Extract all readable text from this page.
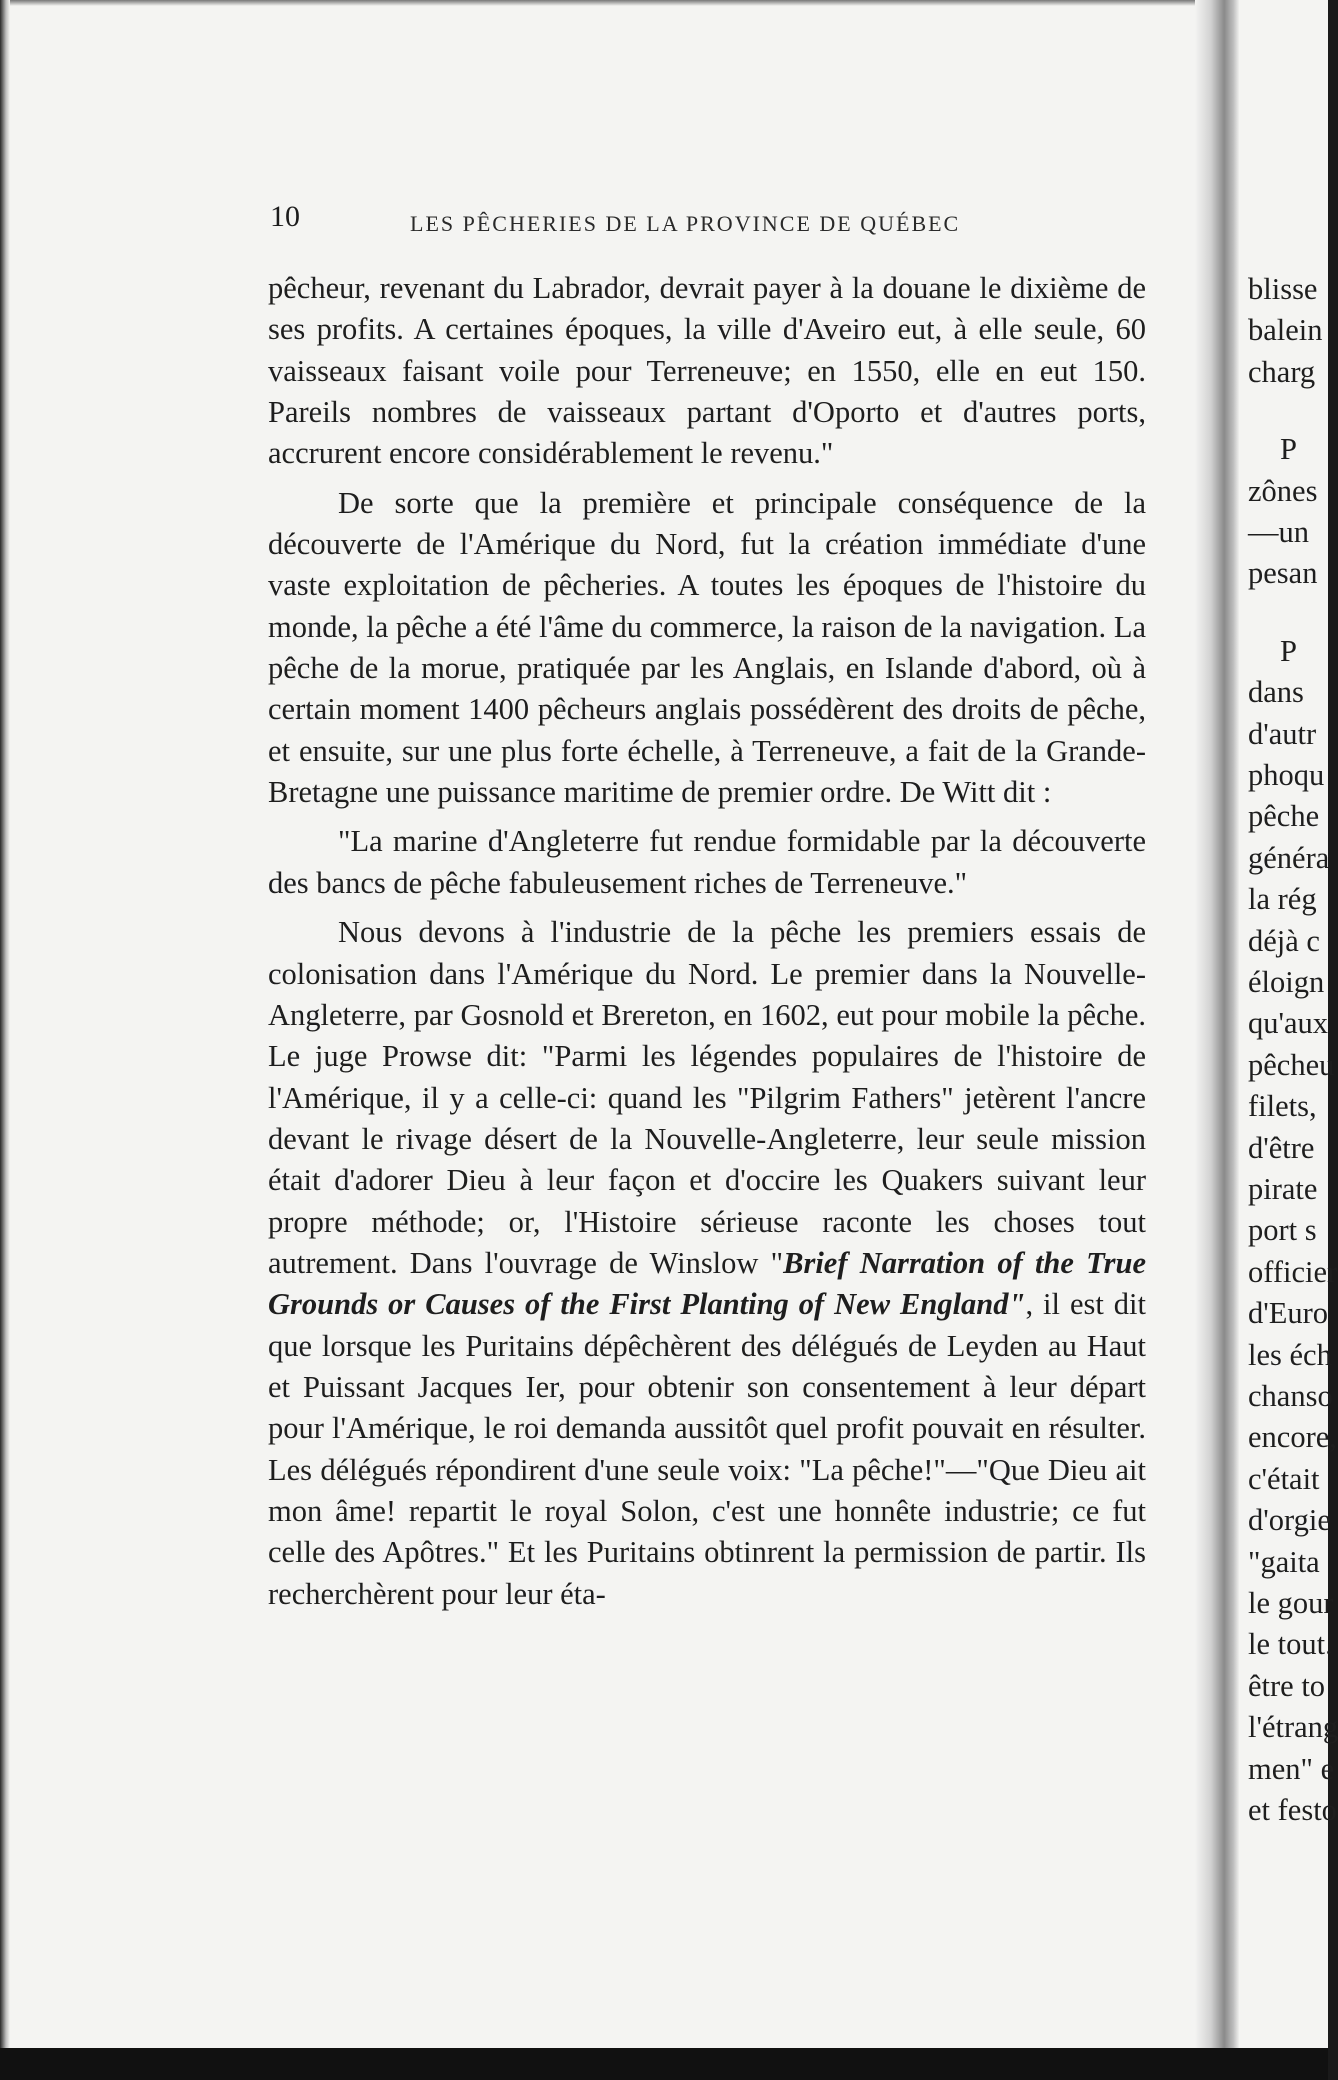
10	LES PÊCHERIES DE LA PROVINCE DE QUÉBEC

pêcheur, revenant du Labrador, devrait payer à la douane le dixième de ses profits. A certaines époques, la ville d'Aveiro eut, à elle seule, 60 vaisseaux faisant voile pour Terreneuve; en 1550, elle en eut 150. Pareils nombres de vaisseaux partant d'Oporto et d'autres ports, accrurent encore considérablement le revenu."

De sorte que la première et principale conséquence de la découverte de l'Amérique du Nord, fut la création immédiate d'une vaste exploitation de pêcheries. A toutes les époques de l'histoire du monde, la pêche a été l'âme du commerce, la raison de la navigation. La pêche de la morue, pratiquée par les Anglais, en Islande d'abord, où à certain moment 1400 pêcheurs anglais possédèrent des droits de pêche, et ensuite, sur une plus forte échelle, à Terreneuve, a fait de la Grande-Bretagne une puissance maritime de premier ordre. De Witt dit :

"La marine d'Angleterre fut rendue formidable par la découverte des bancs de pêche fabuleusement riches de Terreneuve."

Nous devons à l'industrie de la pêche les premiers essais de colonisation dans l'Amérique du Nord. Le premier dans la Nouvelle-Angleterre, par Gosnold et Brereton, en 1602, eut pour mobile la pêche. Le juge Prowse dit: "Parmi les légendes populaires de l'histoire de l'Amérique, il y a celle-ci: quand les "Pilgrim Fathers" jetèrent l'ancre devant le rivage désert de la Nouvelle-Angleterre, leur seule mission était d'adorer Dieu à leur façon et d'occire les Quakers suivant leur propre méthode; or, l'Histoire sérieuse raconte les choses tout autrement. Dans l'ouvrage de Winslow "Brief Narration of the True Grounds or Causes of the First Planting of New England", il est dit que lorsque les Puritains dépêchèrent des délégués de Leyden au Haut et Puissant Jacques Ier, pour obtenir son consentement à leur départ pour l'Amérique, le roi demanda aussitôt quel profit pouvait en résulter. Les délégués répondirent d'une seule voix: "La pêche!"—"Que Dieu ait mon âme! repartit le royal Solon, c'est une honnête industrie; ce fut celle des Apôtres." Et les Puritains obtinrent la permission de partir. Ils recherchèrent pour leur éta-

blisse
balein
charg
P
zônes
—un
pesan
P
dans
d'autr
phoqu
pêche
généra
la rég
déjà c
éloign
qu'aux
pêcheu
filets,
d'être
pirate
port s
officier
d'Euro
les éch
chanso
encore,
c'était
d'orgie
"gaita
le gour
le tout.
être to
l'étrang
men" e
et festo
